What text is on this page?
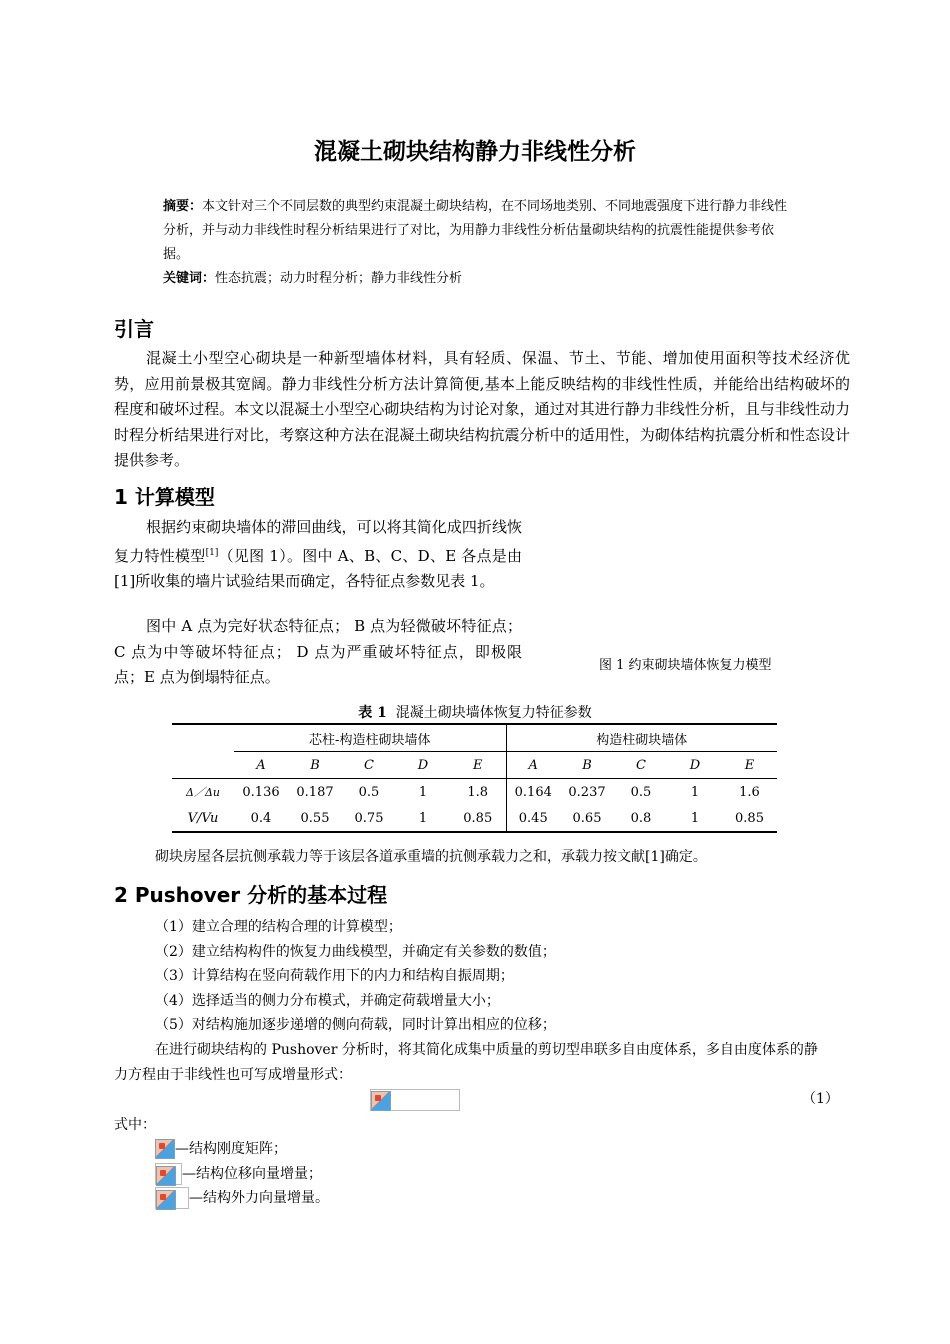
混凝土砌块结构静力非线性分析
摘要：本文针对三个不同层数的典型约束混凝土砌块结构，在不同场地类别、不同地震强度下进行静力非线性分析，并与动力非线性时程分析结果进行了对比，为用静力非线性分析估量砌块结构的抗震性能提供参考依据。
关键词：性态抗震；动力时程分析；静力非线性分析
引言
混凝土小型空心砌块是一种新型墙体材料，具有轻质、保温、节土、节能、增加使用面积等技术经济优势，应用前景极其宽阔。静力非线性分析方法计算简便,基本上能反映结构的非线性性质，并能给出结构破坏的程度和破坏过程。本文以混凝土小型空心砌块结构为讨论对象，通过对其进行静力非线性分析，且与非线性动力时程分析结果进行对比，考察这种方法在混凝土砌块结构抗震分析中的适用性，为砌体结构抗震分析和性态设计提供参考。
1 计算模型
根据约束砌块墙体的滞回曲线，可以将其简化成四折线恢复力特性模型[1]（见图 1）。图中 A、B、C、D、E 各点是由[1]所收集的墙片试验结果而确定，各特征点参数见表 1。
图中 A 点为完好状态特征点； B 点为轻微破坏特征点；C 点为中等破坏特征点； D 点为严重破坏特征点，即极限点；E 点为倒塌特征点。
图 1 约束砌块墙体恢复力模型
表 1 混凝土砌块墙体恢复力特征参数
	芯柱-构造柱砌块墙体					构造柱砌块墙体				
	A	B	C	D	E	A	B	C	D	E
Δ／Δu	0.136	0.187	0.5	1	1.8	0.164	0.237	0.5	1	1.6
V/Vu	0.4	0.55	0.75	1	0.85	0.45	0.65	0.8	1	0.85
砌块房屋各层抗侧承载力等于该层各道承重墙的抗侧承载力之和，承载力按文献[1]确定。
2 Pushover 分析的基本过程
（1）建立合理的结构合理的计算模型；
（2）建立结构构件的恢复力曲线模型，并确定有关参数的数值；
（3）计算结构在竖向荷载作用下的内力和结构自振周期；
（4）选择适当的侧力分布模式，并确定荷载增量大小；
（5）对结构施加逐步递增的侧向荷载，同时计算出相应的位移；
在进行砌块结构的 Pushover 分析时，将其简化成集中质量的剪切型串联多自由度体系，多自由度体系的静力方程由于非线性也可写成增量形式：
（1）
式中：
—结构刚度矩阵；
—结构位移向量增量；
—结构外力向量增量。
